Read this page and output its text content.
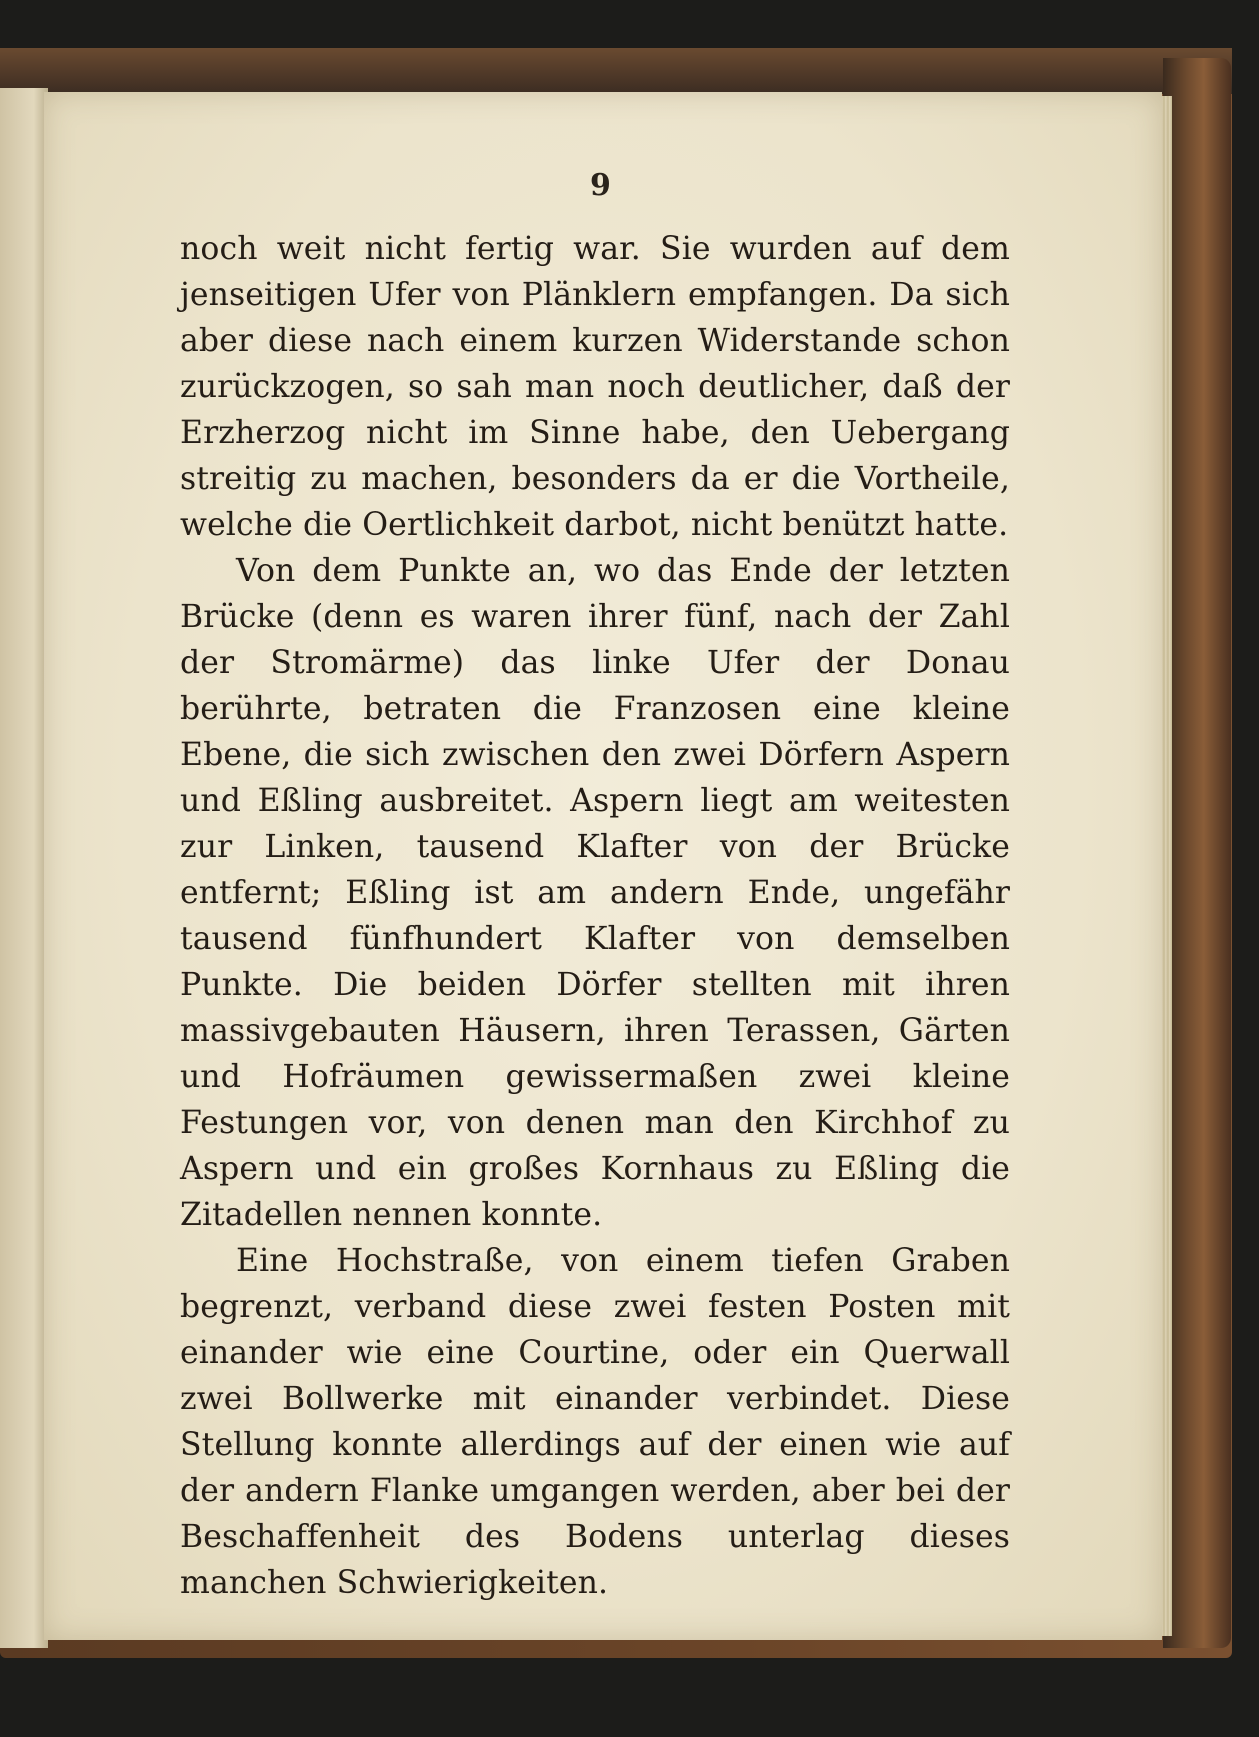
9

noch weit nicht fertig war. Sie wurden auf dem jenseitigen Ufer von Plänklern empfangen. Da sich aber diese nach einem kurzen Widerstande schon zurückzogen, so sah man noch deutlicher, daß der Erzherzog nicht im Sinne habe, den Uebergang streitig zu machen, besonders da er die Vortheile, welche die Oertlichkeit darbot, nicht benützt hatte.

Von dem Punkte an, wo das Ende der letzten Brücke (denn es waren ihrer fünf, nach der Zahl der Stromärme) das linke Ufer der Donau berührte, betraten die Franzosen eine kleine Ebene, die sich zwischen den zwei Dörfern Aspern und Eßling ausbreitet. Aspern liegt am weitesten zur Linken, tausend Klafter von der Brücke entfernt; Eßling ist am andern Ende, ungefähr tausend fünfhundert Klafter von demselben Punkte. Die beiden Dörfer stellten mit ihren massivgebauten Häusern, ihren Terassen, Gärten und Hofräumen gewissermaßen zwei kleine Festungen vor, von denen man den Kirchhof zu Aspern und ein großes Kornhaus zu Eßling die Zitadellen nennen konnte.

Eine Hochstraße, von einem tiefen Graben begrenzt, verband diese zwei festen Posten mit einander wie eine Courtine, oder ein Querwall zwei Bollwerke mit einander verbindet. Diese Stellung konnte allerdings auf der einen wie auf der andern Flanke umgangen werden, aber bei der Beschaffenheit des Bodens unterlag dieses manchen Schwierigkeiten.
